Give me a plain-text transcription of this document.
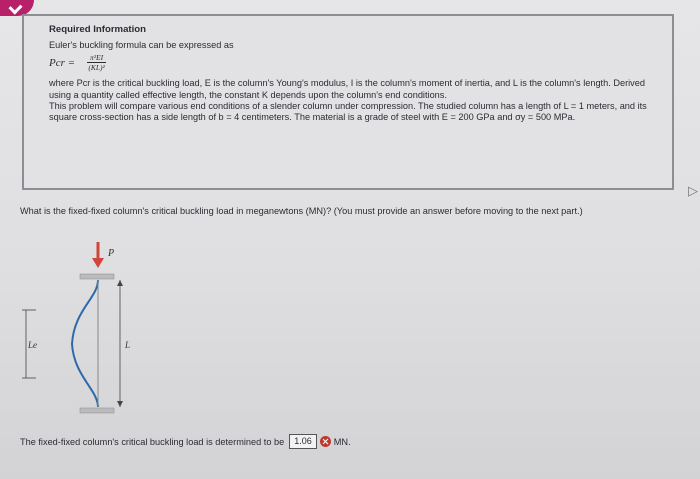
Required Information

Euler's buckling formula can be expressed as

Pcr = $\frac{\text{π²EI}}{\text{(KL)²}}$

where Pcr is the critical buckling load, E is the column's Young's modulus, I is the column's moment of inertia, and L is the column's length. Derived using a quantity called effective length, the constant K depends upon the column's end conditions.

This problem will compare various end conditions of a slender column under compression. The studied column has a length of L = 1 meters, and its square cross-section has a side length of b = 4 centimeters. The material is a grade of steel with E = 200 GPa and σy = 500 MPa.

What is the fixed-fixed column's critical buckling load in meganewtons (MN)? (You must provide an answer before moving to the next part.)
P
Le	L
The fixed-fixed column's critical buckling load is determined to be	1.06	MN.
▷
